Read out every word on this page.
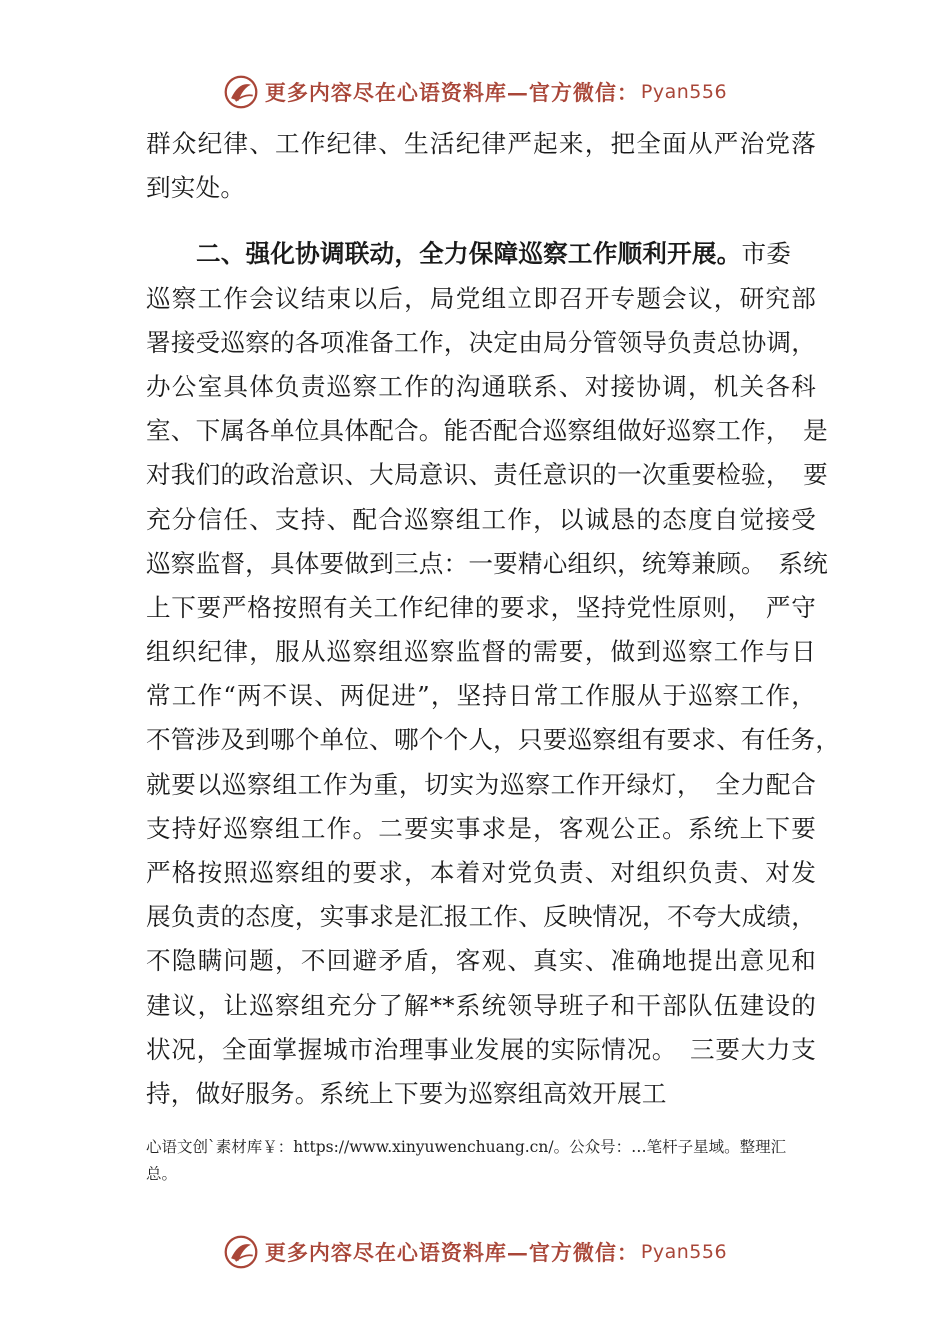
更多内容尽在心语资料库—官方微信： Pyan556
群众纪律、工作纪律、生活纪律严起来，把全面从严治党落
到实处。
二、强化协调联动，全力保障巡察工作顺利开展。市委
巡察工作会议结束以后，局党组立即召开专题会议，研究部
署接受巡察的各项准备工作，决定由局分管领导负责总协调，
办公室具体负责巡察工作的沟通联系、对接协调，机关各科
室、下属各单位具体配合。能否配合巡察组做好巡察工作，　是
对我们的政治意识、大局意识、责任意识的一次重要检验，　要
充分信任、支持、配合巡察组工作，以诚恳的态度自觉接受
巡察监督，具体要做到三点：一要精心组织，统筹兼顾。　系统
上下要严格按照有关工作纪律的要求，坚持党性原则，　严守
组织纪律，服从巡察组巡察监督的需要，做到巡察工作与日
常工作“两不误、两促进”，坚持日常工作服从于巡察工作，
不管涉及到哪个单位、哪个个人，只要巡察组有要求、有任务，
就要以巡察组工作为重，切实为巡察工作开绿灯，　全力配合
支持好巡察组工作。二要实事求是，客观公正。系统上下要
严格按照巡察组的要求，本着对党负责、对组织负责、对发
展负责的态度，实事求是汇报工作、反映情况，不夸大成绩，
不隐瞒问题，不回避矛盾，客观、真实、准确地提出意见和
建议，让巡察组充分了解**系统领导班子和干部队伍建设的
状况，全面掌握城市治理事业发展的实际情况。　三要大力支
持，做好服务。系统上下要为巡察组高效开展工
心语文创`素材库￥：https://www.xinyuwenchuang.cn/。公众号：…笔杆子星域。整理汇
总。
更多内容尽在心语资料库—官方微信： Pyan556
